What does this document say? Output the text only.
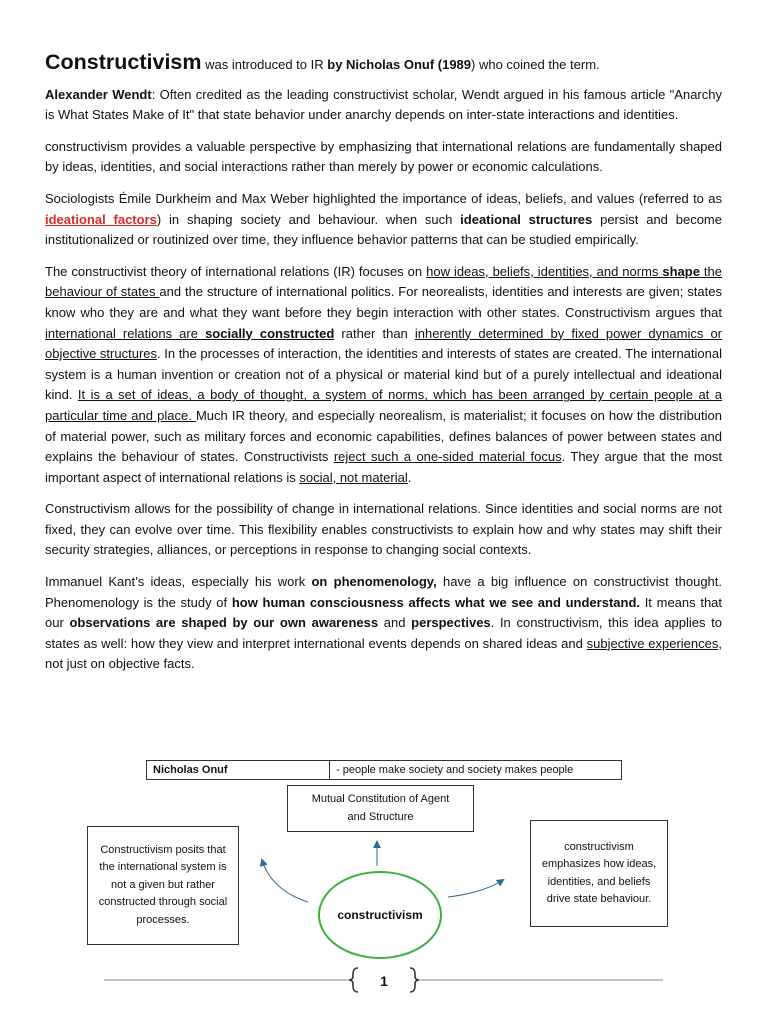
Constructivism was introduced to IR by Nicholas Onuf (1989) who coined the term.

Alexander Wendt: Often credited as the leading constructivist scholar, Wendt argued in his famous article "Anarchy is What States Make of It" that state behavior under anarchy depends on inter-state interactions and identities.

constructivism provides a valuable perspective by emphasizing that international relations are fundamentally shaped by ideas, identities, and social interactions rather than merely by power or economic calculations.

Sociologists Émile Durkheim and Max Weber highlighted the importance of ideas, beliefs, and values (referred to as ideational factors) in shaping society and behaviour. when such ideational structures persist and become institutionalized or routinized over time, they influence behavior patterns that can be studied empirically.

The constructivist theory of international relations (IR) focuses on how ideas, beliefs, identities, and norms shape the behaviour of states and the structure of international politics. For neorealists, identities and interests are given; states know who they are and what they want before they begin interaction with other states. Constructivism argues that international relations are socially constructed rather than inherently determined by fixed power dynamics or objective structures. In the processes of interaction, the identities and interests of states are created. The international system is a human invention or creation not of a physical or material kind but of a purely intellectual and ideational kind. It is a set of ideas, a body of thought, a system of norms, which has been arranged by certain people at a particular time and place. Much IR theory, and especially neorealism, is materialist; it focuses on how the distribution of material power, such as military forces and economic capabilities, defines balances of power between states and explains the behaviour of states. Constructivists reject such a one-sided material focus. They argue that the most important aspect of international relations is social, not material.

Constructivism allows for the possibility of change in international relations. Since identities and social norms are not fixed, they can evolve over time. This flexibility enables constructivists to explain how and why states may shift their security strategies, alliances, or perceptions in response to changing social contexts.

Immanuel Kant’s ideas, especially his work on phenomenology, have a big influence on constructivist thought. Phenomenology is the study of how human consciousness affects what we see and understand. It means that our observations are shaped by our own awareness and perspectives. In constructivism, this idea applies to states as well: how they view and interpret international events depends on shared ideas and subjective experiences, not just on objective facts.

Nicholas Onuf	- people make society and society makes people
Mutual Constitution of Agent and Structure
Constructivism posits that the international system is not a given but rather constructed through social processes.
constructivism emphasizes how ideas, identities, and beliefs drive state behaviour.
constructivism
1
